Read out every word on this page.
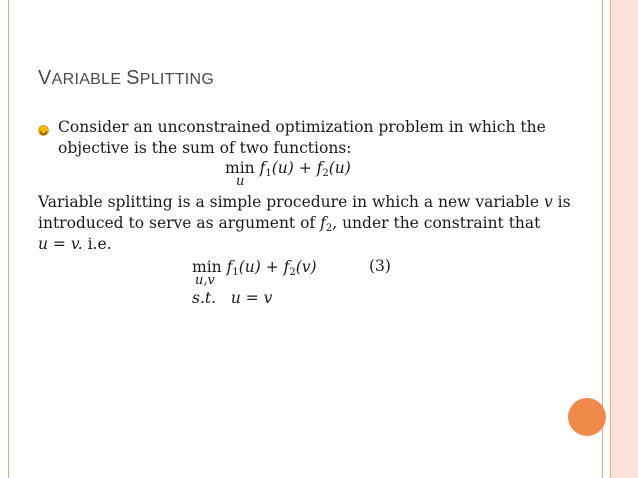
VARIABLE SPLITTING
Consider an unconstrained optimization problem in which the
objective is the sum of two functions:
$\min f_1(u) + f_2(u)$
u
Variable splitting is a simple procedure in which a new variable v is
introduced to serve as argument of $f_2$, under the constraint that
u = v. i.e.
$\min f_1(u) + f_2(v)$
u,v
(3)
s.t. u = v
